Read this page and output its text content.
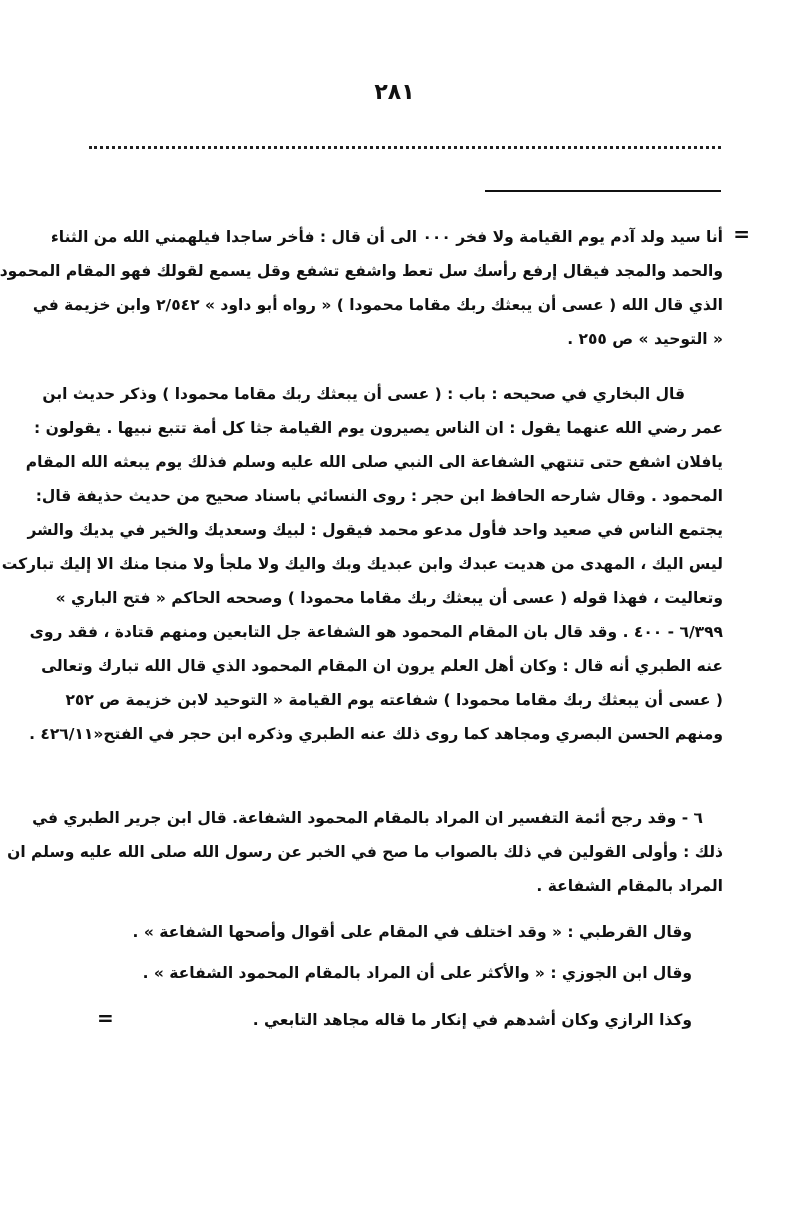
٢٨١
=
أنا سيد ولد آدم يوم القيامة ولا فخر ٠٠٠ الى أن قال : فأخر ساجدا فيلهمني الله من الثناء
والحمد والمجد فيقال إرفع رأسك سل تعط واشفع تشفع وقل يسمع لقولك فهو المقام المحمود
الذي قال الله ( عسى أن يبعثك ربك مقاما محمودا ) « رواه أبو داود » ٢/٥٤٢ وابن خزيمة في
« التوحيد » ص ٢٥٥ .
قال البخاري في صحيحه : باب : ( عسى أن يبعثك ربك مقاما محمودا ) وذكر حديث ابن
عمر رضي الله عنهما يقول : ان الناس يصيرون يوم القيامة جثا كل أمة تتبع نبيها . يقولون :
يافلان اشفع حتى تنتهي الشفاعة الى النبي صلى الله عليه وسلم فذلك يوم يبعثه الله المقام
المحمود . وقال شارحه الحافظ ابن حجر : روى النسائي باسناد صحيح من حديث حذيفة قال:
يجتمع الناس في صعيد واحد فأول مدعو محمد فيقول : لبيك وسعديك والخير في يديك والشر
ليس اليك ، المهدى من هديت عبدك وابن عبديك وبك واليك ولا ملجأ ولا منجا منك الا إليك تباركت
وتعاليت ، فهذا قوله ( عسى أن يبعثك ربك مقاما محمودا ) وصححه الحاكم « فتح الباري »
٦/٣٩٩ - ٤٠٠ . وقد قال بان المقام المحمود هو الشفاعة جل التابعين ومنهم قتادة ، فقد روى
عنه الطبري أنه قال : وكان أهل العلم يرون ان المقام المحمود الذي قال الله تبارك وتعالى
( عسى أن يبعثك ربك مقاما محمودا ) شفاعته يوم القيامة « التوحيد لابن خزيمة ص ٢٥٢
ومنهم الحسن البصري ومجاهد كما روى ذلك عنه الطبري وذكره ابن حجر في الفتح«٤٢٦/١١ .
٦ - وقد رجح أئمة التفسير ان المراد بالمقام المحمود الشفاعة. قال ابن جرير الطبري في
ذلك : وأولى القولين في ذلك بالصواب ما صح في الخبر عن رسول الله صلى الله عليه وسلم ان
المراد بالمقام الشفاعة .
وقال القرطبي : « وقد اختلف في المقام على أقوال وأصحها الشفاعة » .
وقال ابن الجوزي : « والأكثر على أن المراد بالمقام المحمود الشفاعة » .
وكذا الرازي وكان أشدهم في إنكار ما قاله مجاهد التابعي .
=
